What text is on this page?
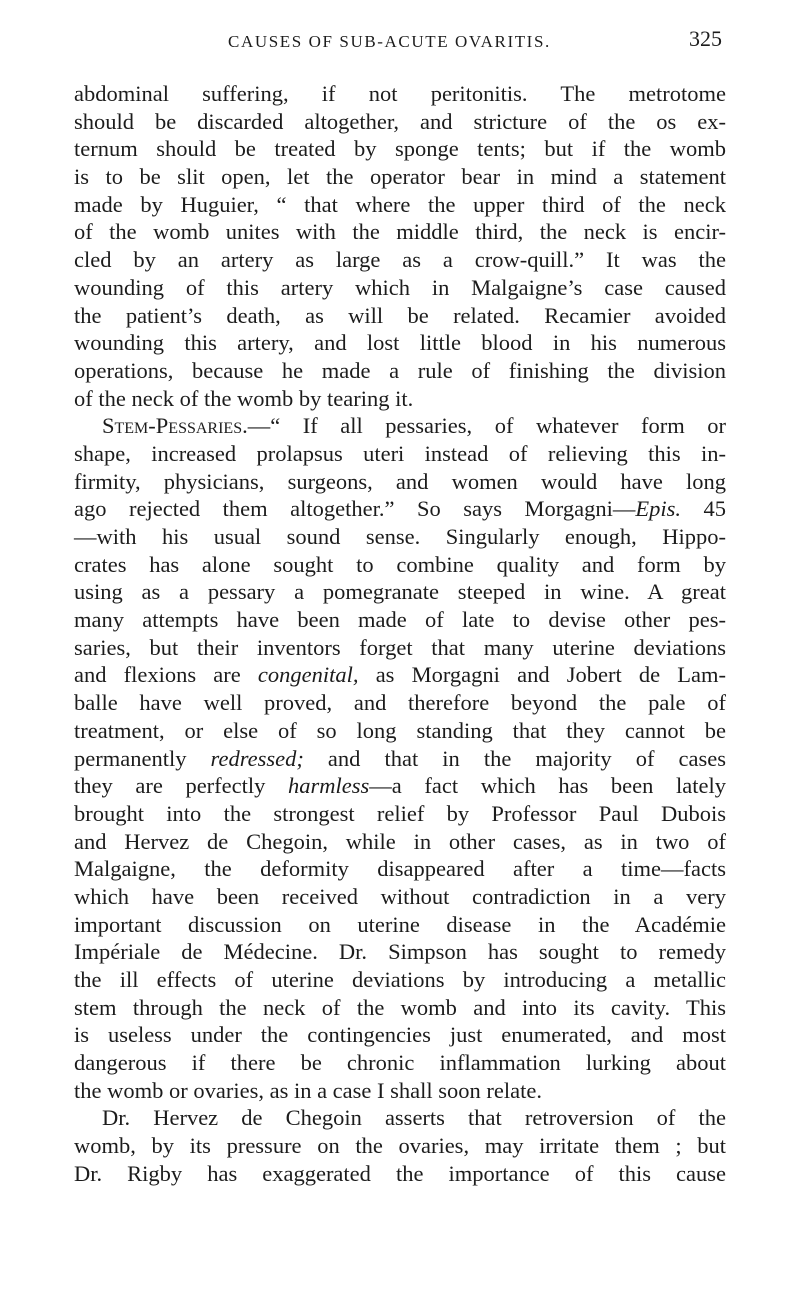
CAUSES OF SUB-ACUTE OVARITIS.	325
abdominal suffering, if not peritonitis. The metrotome
should be discarded altogether, and stricture of the os ex-
ternum should be treated by sponge tents; but if the womb
is to be slit open, let the operator bear in mind a statement
made by Huguier, “ that where the upper third of the neck
of the womb unites with the middle third, the neck is encir-
cled by an artery as large as a crow-quill.” It was the
wounding of this artery which in Malgaigne’s case caused
the patient’s death, as will be related. Recamier avoided
wounding this artery, and lost little blood in his numerous
operations, because he made a rule of finishing the division
of the neck of the womb by tearing it.
Stem-Pessaries.—“ If all pessaries, of whatever form or
shape, increased prolapsus uteri instead of relieving this in-
firmity, physicians, surgeons, and women would have long
ago rejected them altogether.” So says Morgagni—Epis. 45
—with his usual sound sense. Singularly enough, Hippo-
crates has alone sought to combine quality and form by
using as a pessary a pomegranate steeped in wine. A great
many attempts have been made of late to devise other pes-
saries, but their inventors forget that many uterine deviations
and flexions are congenital, as Morgagni and Jobert de Lam-
balle have well proved, and therefore beyond the pale of
treatment, or else of so long standing that they cannot be
permanently redressed; and that in the majority of cases
they are perfectly harmless—a fact which has been lately
brought into the strongest relief by Professor Paul Dubois
and Hervez de Chegoin, while in other cases, as in two of
Malgaigne, the deformity disappeared after a time—facts
which have been received without contradiction in a very
important discussion on uterine disease in the Académie
Impériale de Médecine. Dr. Simpson has sought to remedy
the ill effects of uterine deviations by introducing a metallic
stem through the neck of the womb and into its cavity. This
is useless under the contingencies just enumerated, and most
dangerous if there be chronic inflammation lurking about
the womb or ovaries, as in a case I shall soon relate.
Dr. Hervez de Chegoin asserts that retroversion of the
womb, by its pressure on the ovaries, may irritate them ; but
Dr. Rigby has exaggerated the importance of this cause
